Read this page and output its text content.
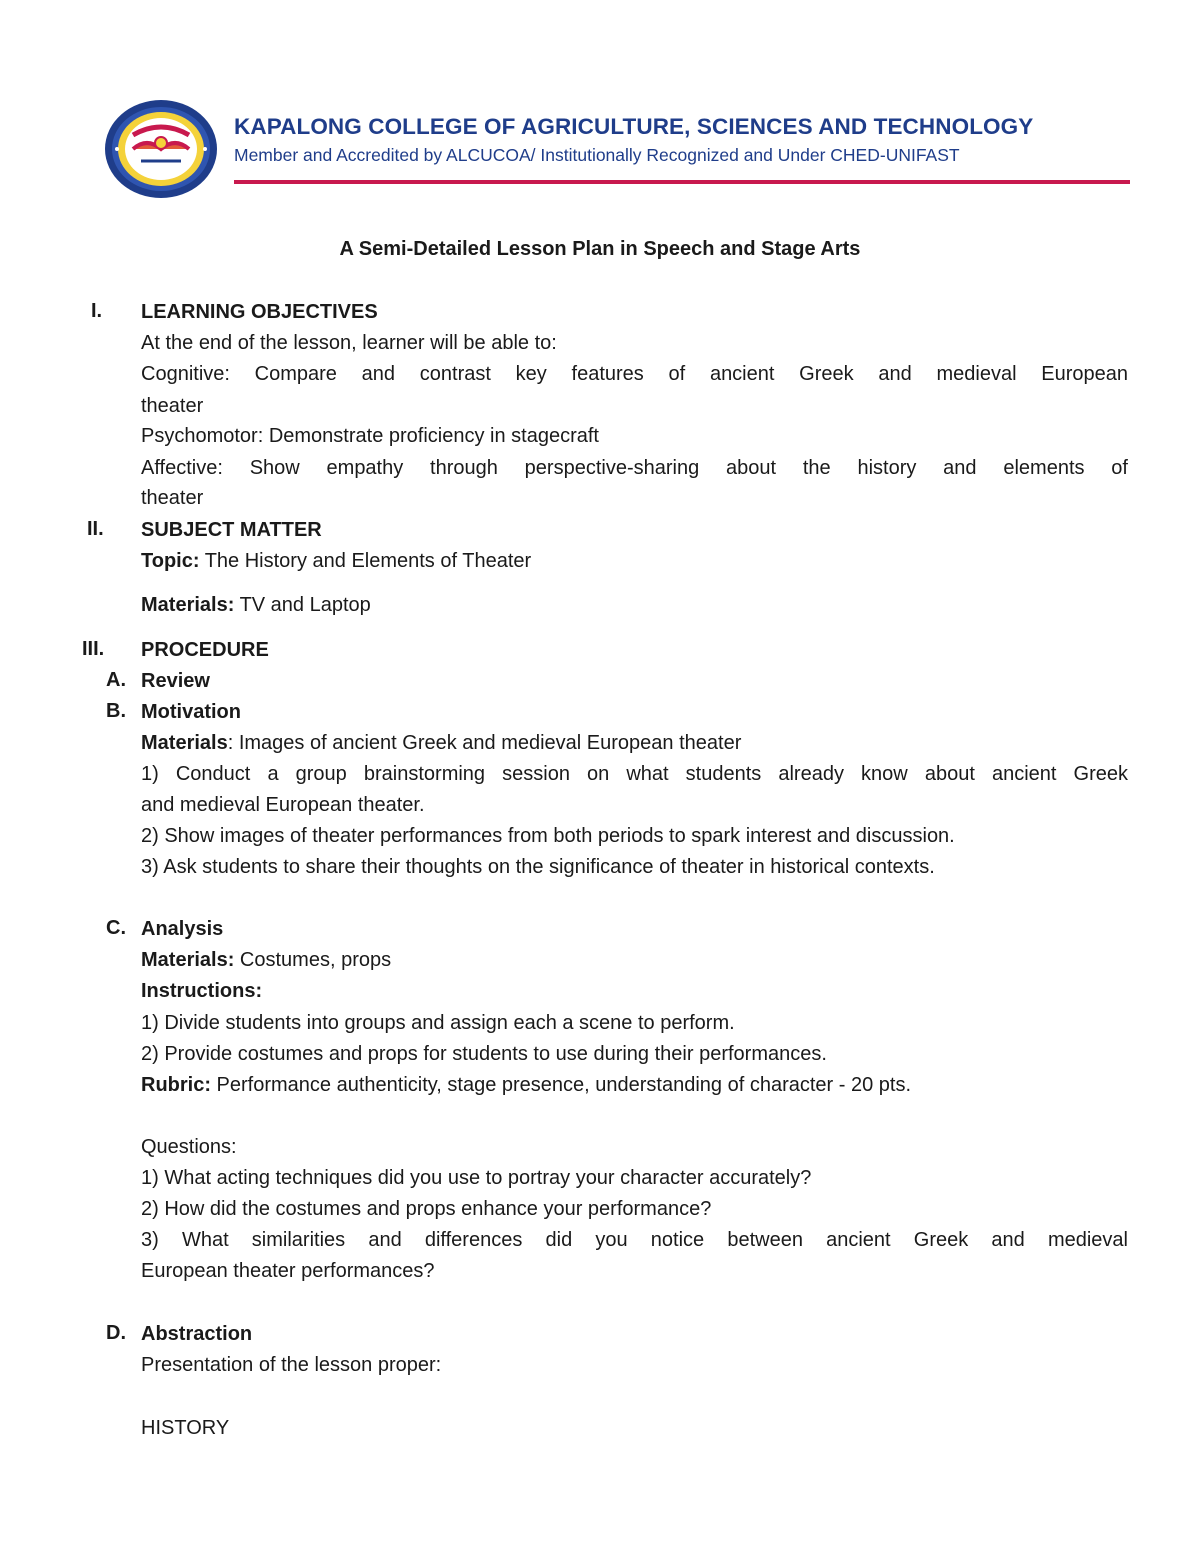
KAPALONG COLLEGE OF AGRICULTURE, SCIENCES AND TECHNOLOGY
Member and Accredited by ALCUCOA/ Institutionally Recognized and Under CHED-UNIFAST
A Semi-Detailed Lesson Plan in Speech and Stage Arts
I. LEARNING OBJECTIVES
At the end of the lesson, learner will be able to:
Cognitive: Compare and contrast key features of ancient Greek and medieval European
theater
Psychomotor: Demonstrate proficiency in stagecraft
Affective: Show empathy through perspective-sharing about the history and elements of
theater
II. SUBJECT MATTER
Topic: The History and Elements of Theater
Materials: TV and Laptop
III. PROCEDURE
A. Review
B. Motivation
Materials: Images of ancient Greek and medieval European theater
1) Conduct a group brainstorming session on what students already know about ancient Greek
and medieval European theater.
2) Show images of theater performances from both periods to spark interest and discussion.
3) Ask students to share their thoughts on the significance of theater in historical contexts.
C. Analysis
Materials: Costumes, props
Instructions:
1) Divide students into groups and assign each a scene to perform.
2) Provide costumes and props for students to use during their performances.
Rubric: Performance authenticity, stage presence, understanding of character - 20 pts.
Questions:
1) What acting techniques did you use to portray your character accurately?
2) How did the costumes and props enhance your performance?
3) What similarities and differences did you notice between ancient Greek and medieval
European theater performances?
D. Abstraction
Presentation of the lesson proper:
HISTORY
